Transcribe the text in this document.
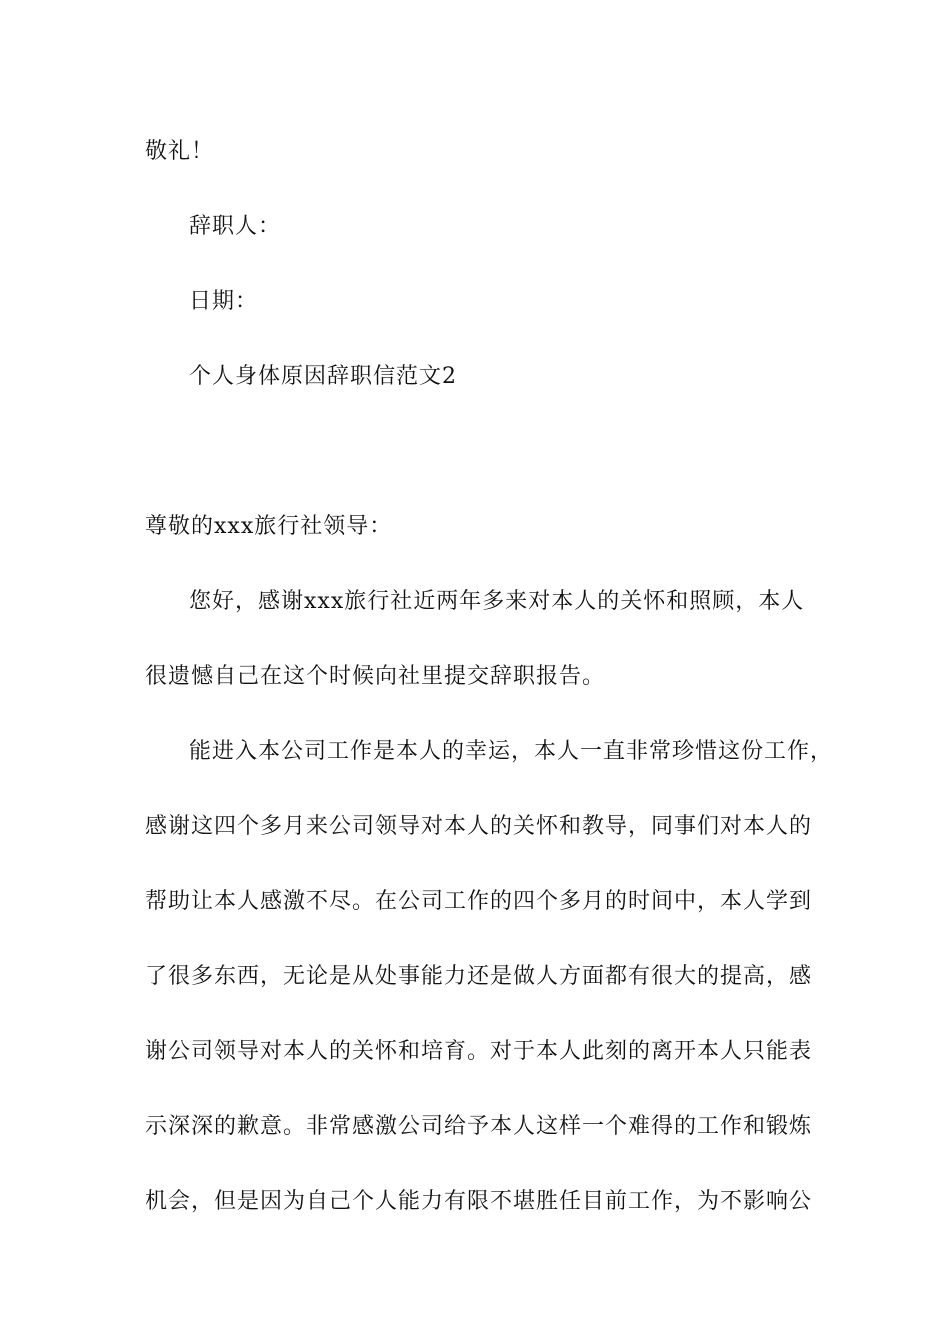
敬礼！
辞职人：
日期：
个人身体原因辞职信范文2
尊敬的xxx旅行社领导：
您好，感谢xxx旅行社近两年多来对本人的关怀和照顾，本人
很遗憾自己在这个时候向社里提交辞职报告。
能进入本公司工作是本人的幸运，本人一直非常珍惜这份工作，
感谢这四个多月来公司领导对本人的关怀和教导，同事们对本人的
帮助让本人感激不尽。在公司工作的四个多月的时间中，本人学到
了很多东西，无论是从处事能力还是做人方面都有很大的提高，感
谢公司领导对本人的关怀和培育。对于本人此刻的离开本人只能表
示深深的歉意。非常感激公司给予本人这样一个难得的工作和锻炼
机会，但是因为自己个人能力有限不堪胜任目前工作，为不影响公
